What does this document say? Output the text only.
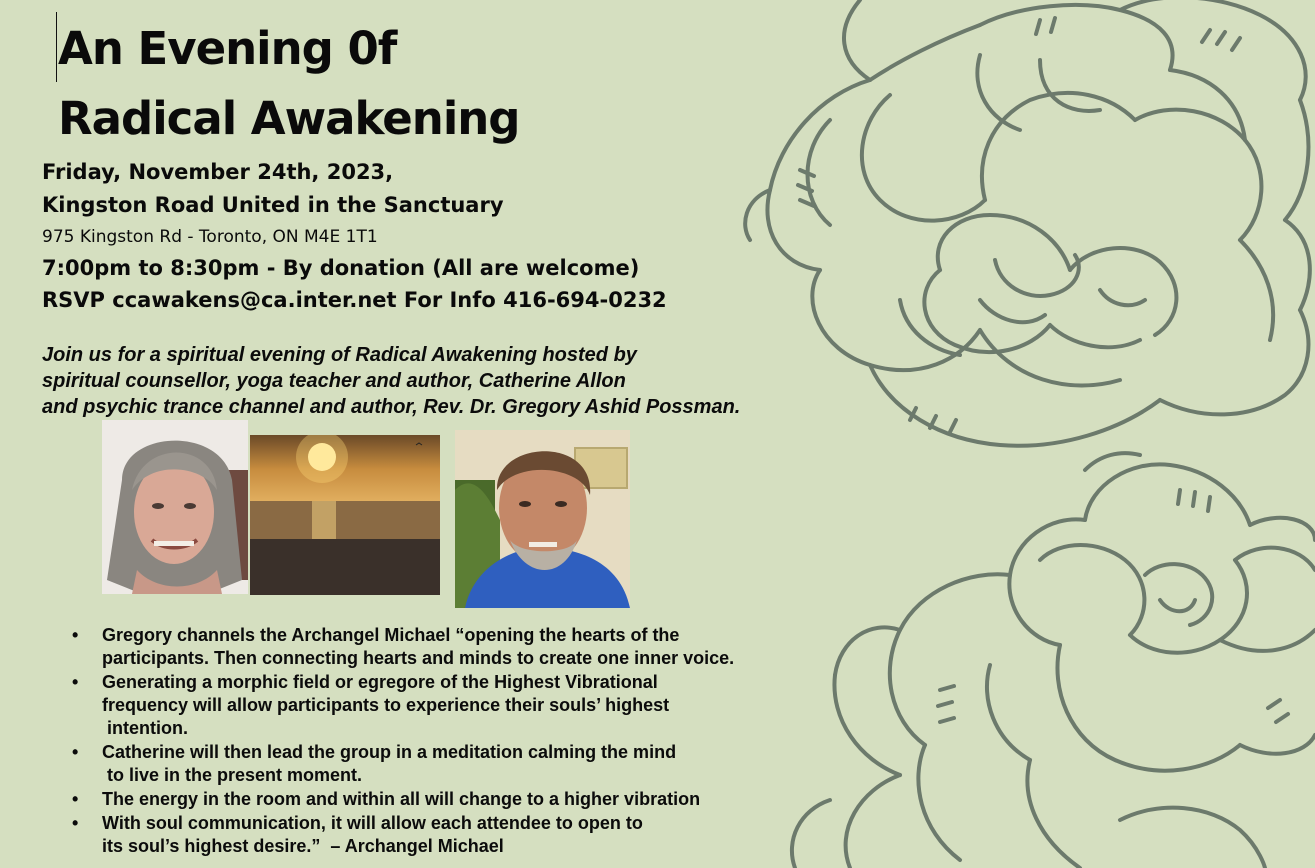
An Evening 0f
Radical Awakening
Friday, November 24th, 2023,
Kingston Road United in the Sanctuary
975 Kingston Rd - Toronto, ON M4E 1T1
7:00pm to 8:30pm - By donation (All are welcome)
RSVP ccawakens@ca.inter.net For Info 416-694-0232
Join us for a spiritual evening of Radical Awakening hosted by
spiritual counsellor, yoga teacher and author, Catherine Allon
and psychic trance channel and author, Rev. Dr. Gregory Ashid Possman.
• Gregory channels the Archangel Michael “opening the hearts of the
participants. Then connecting hearts and minds to create one inner voice.
• Generating a morphic field or egregore of the Highest Vibrational
frequency will allow participants to experience their souls’ highest
intention.
• Catherine will then lead the group in a meditation calming the mind
to live in the present moment.
• The energy in the room and within all will change to a higher vibration
• With soul communication, it will allow each attendee to open to
its soul’s highest desire.”  – Archangel Michael
